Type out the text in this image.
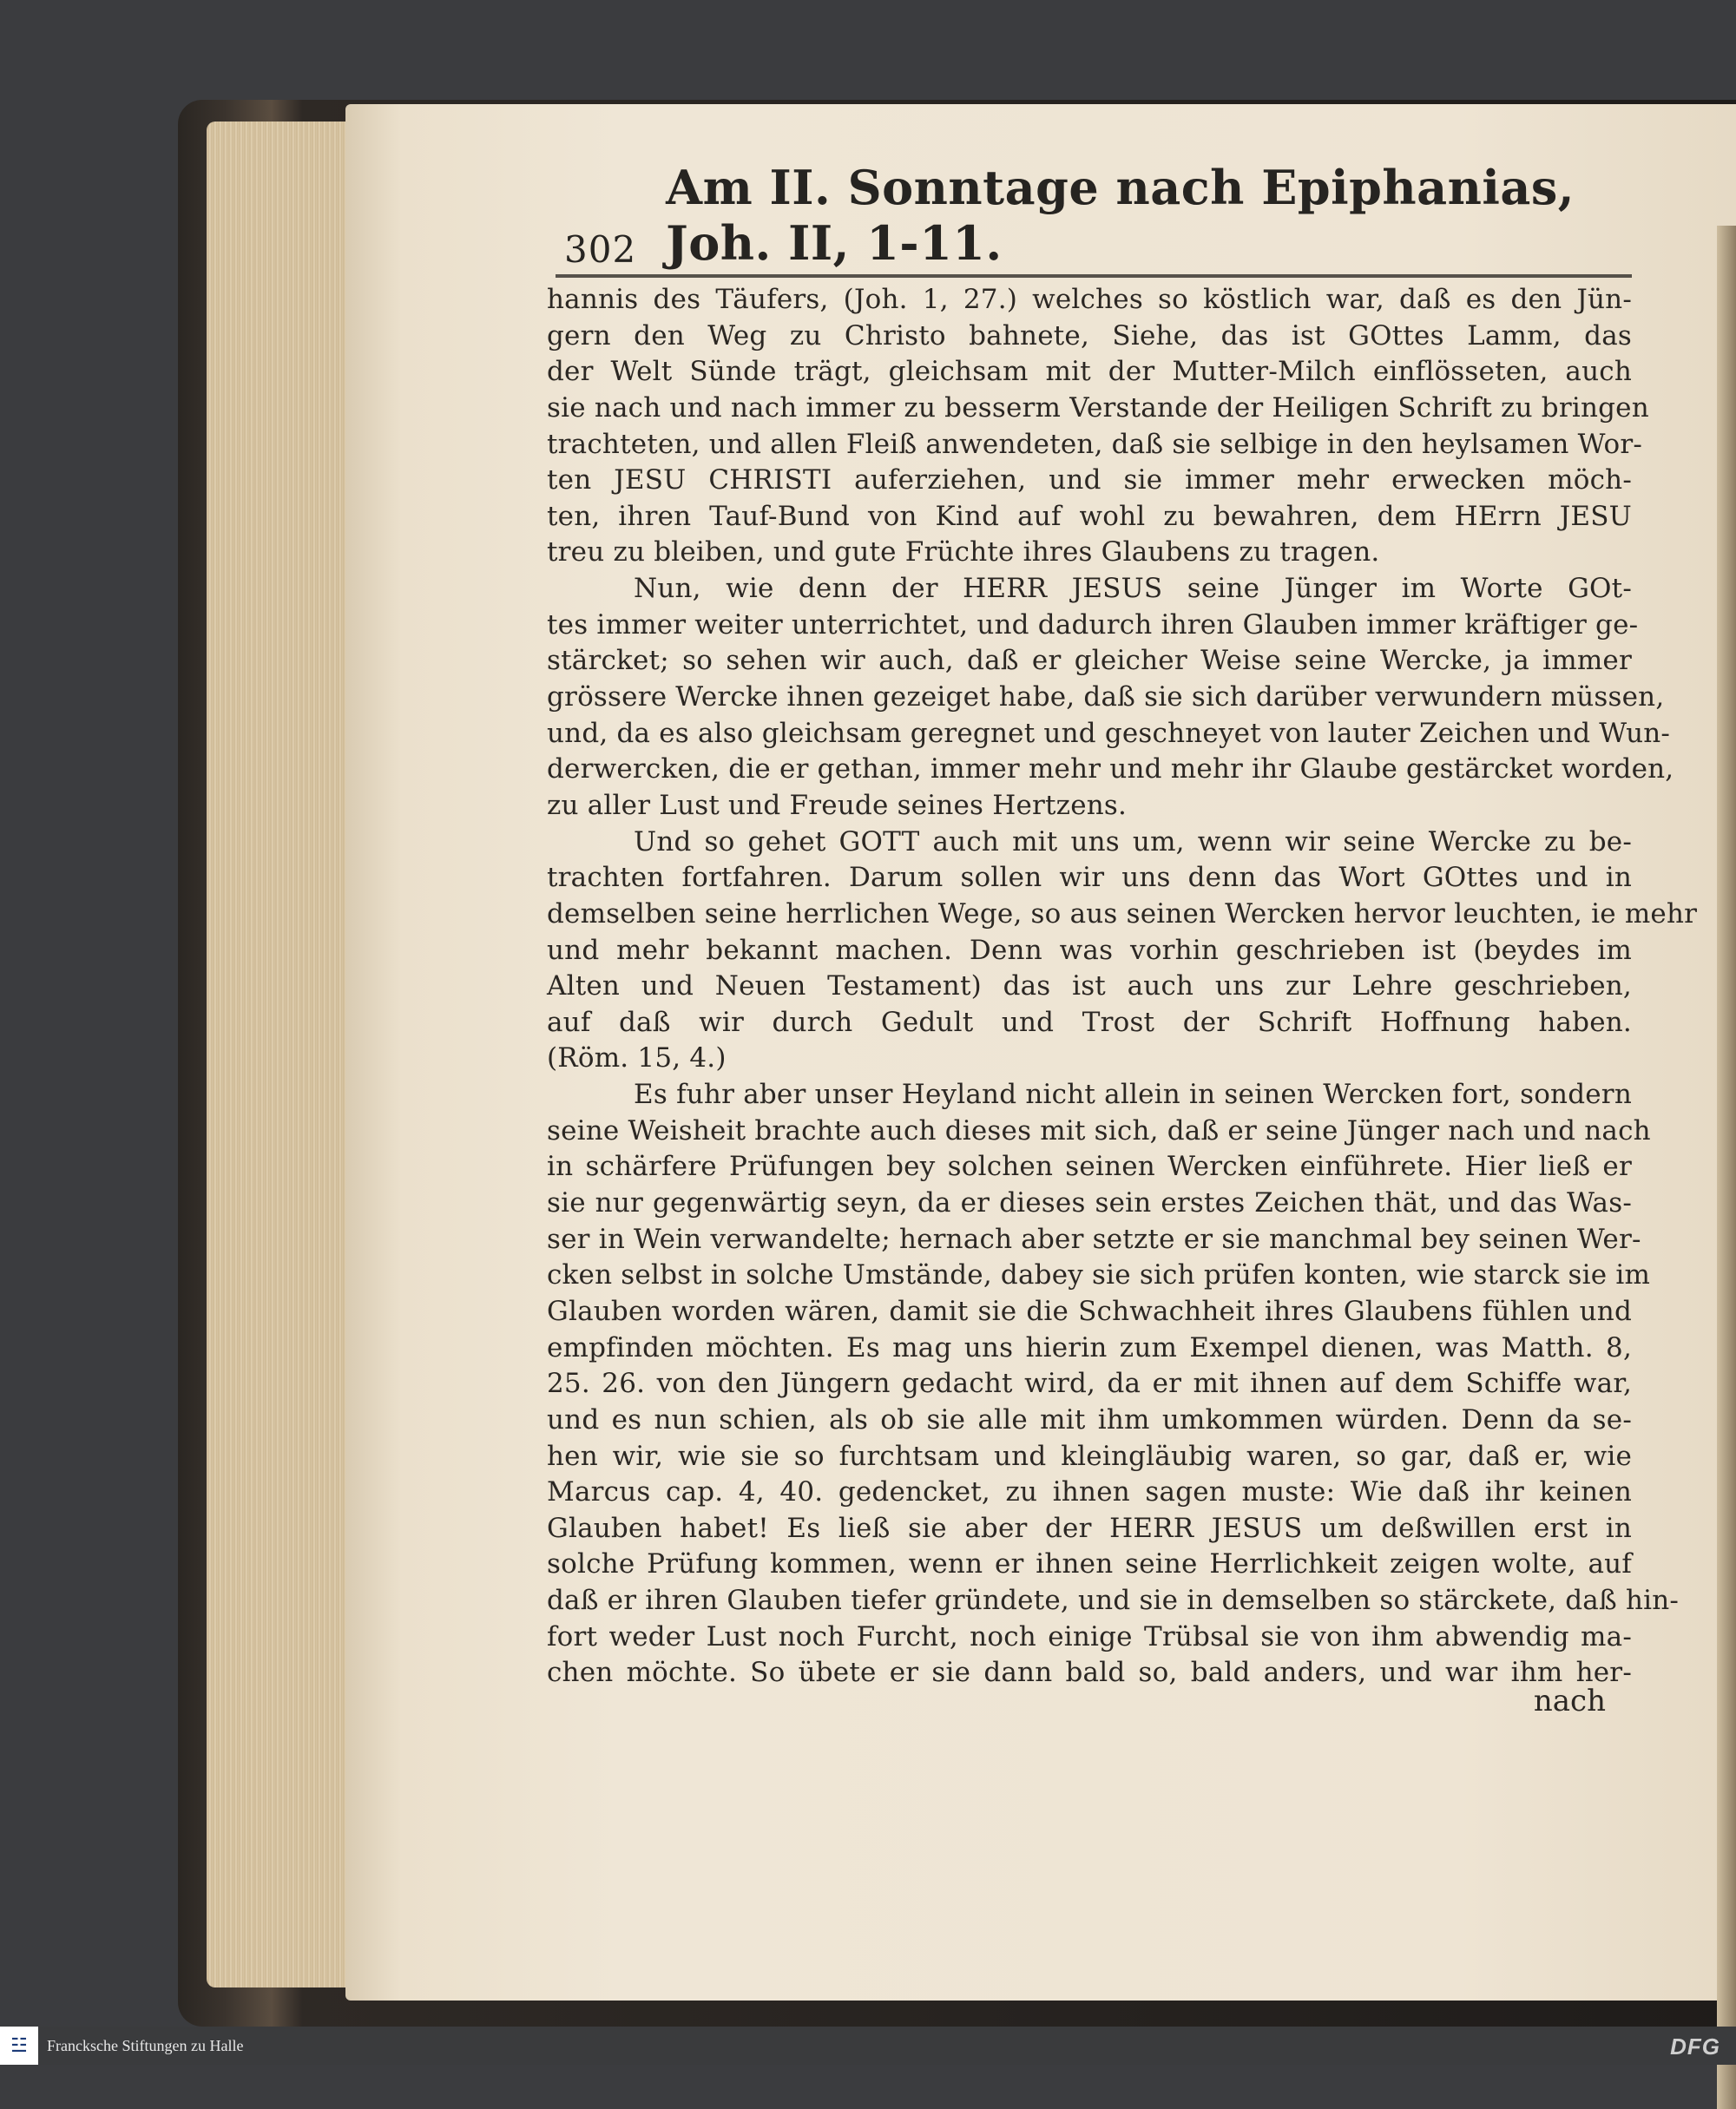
302
Am II. Sonntage nach Epiphanias, Joh. II, 1-11.
hannis des Täufers, (Joh. 1, 27.) welches so köstlich war, daß es den Jün-
gern den Weg zu Christo bahnete, Siehe, das ist GOttes Lamm, das
der Welt Sünde trägt, gleichsam mit der Mutter-Milch einflösseten, auch
sie nach und nach immer zu besserm Verstande der Heiligen Schrift zu bringen
trachteten, und allen Fleiß anwendeten, daß sie selbige in den heylsamen Wor-
ten JESU CHRISTI auferziehen, und sie immer mehr erwecken möch-
ten, ihren Tauf-Bund von Kind auf wohl zu bewahren, dem HErrn JESU
treu zu bleiben, und gute Früchte ihres Glaubens zu tragen.
Nun, wie denn der HERR JESUS seine Jünger im Worte GOt-
tes immer weiter unterrichtet, und dadurch ihren Glauben immer kräftiger ge-
stärcket; so sehen wir auch, daß er gleicher Weise seine Wercke, ja immer
grössere Wercke ihnen gezeiget habe, daß sie sich darüber verwundern müssen,
und, da es also gleichsam geregnet und geschneyet von lauter Zeichen und Wun-
derwercken, die er gethan, immer mehr und mehr ihr Glaube gestärcket worden,
zu aller Lust und Freude seines Hertzens.
Und so gehet GOTT auch mit uns um, wenn wir seine Wercke zu be-
trachten fortfahren. Darum sollen wir uns denn das Wort GOttes und in
demselben seine herrlichen Wege, so aus seinen Wercken hervor leuchten, ie mehr
und mehr bekannt machen. Denn was vorhin geschrieben ist (beydes im
Alten und Neuen Testament) das ist auch uns zur Lehre geschrieben,
auf daß wir durch Gedult und Trost der Schrift Hoffnung haben.
(Röm. 15, 4.)
Es fuhr aber unser Heyland nicht allein in seinen Wercken fort, sondern
seine Weisheit brachte auch dieses mit sich, daß er seine Jünger nach und nach
in schärfere Prüfungen bey solchen seinen Wercken einführete. Hier ließ er
sie nur gegenwärtig seyn, da er dieses sein erstes Zeichen thät, und das Was-
ser in Wein verwandelte; hernach aber setzte er sie manchmal bey seinen Wer-
cken selbst in solche Umstände, dabey sie sich prüfen konten, wie starck sie im
Glauben worden wären, damit sie die Schwachheit ihres Glaubens fühlen und
empfinden möchten. Es mag uns hierin zum Exempel dienen, was Matth. 8,
25. 26. von den Jüngern gedacht wird, da er mit ihnen auf dem Schiffe war,
und es nun schien, als ob sie alle mit ihm umkommen würden. Denn da se-
hen wir, wie sie so furchtsam und kleingläubig waren, so gar, daß er, wie
Marcus cap. 4, 40. gedencket, zu ihnen sagen muste: Wie daß ihr keinen
Glauben habet! Es ließ sie aber der HERR JESUS um deßwillen erst in
solche Prüfung kommen, wenn er ihnen seine Herrlichkeit zeigen wolte, auf
daß er ihren Glauben tiefer gründete, und sie in demselben so stärckete, daß hin-
fort weder Lust noch Furcht, noch einige Trübsal sie von ihm abwendig ma-
chen möchte. So übete er sie dann bald so, bald anders, und war ihm her-
nach
☳	Francksche Stiftungen zu Halle	DFG
